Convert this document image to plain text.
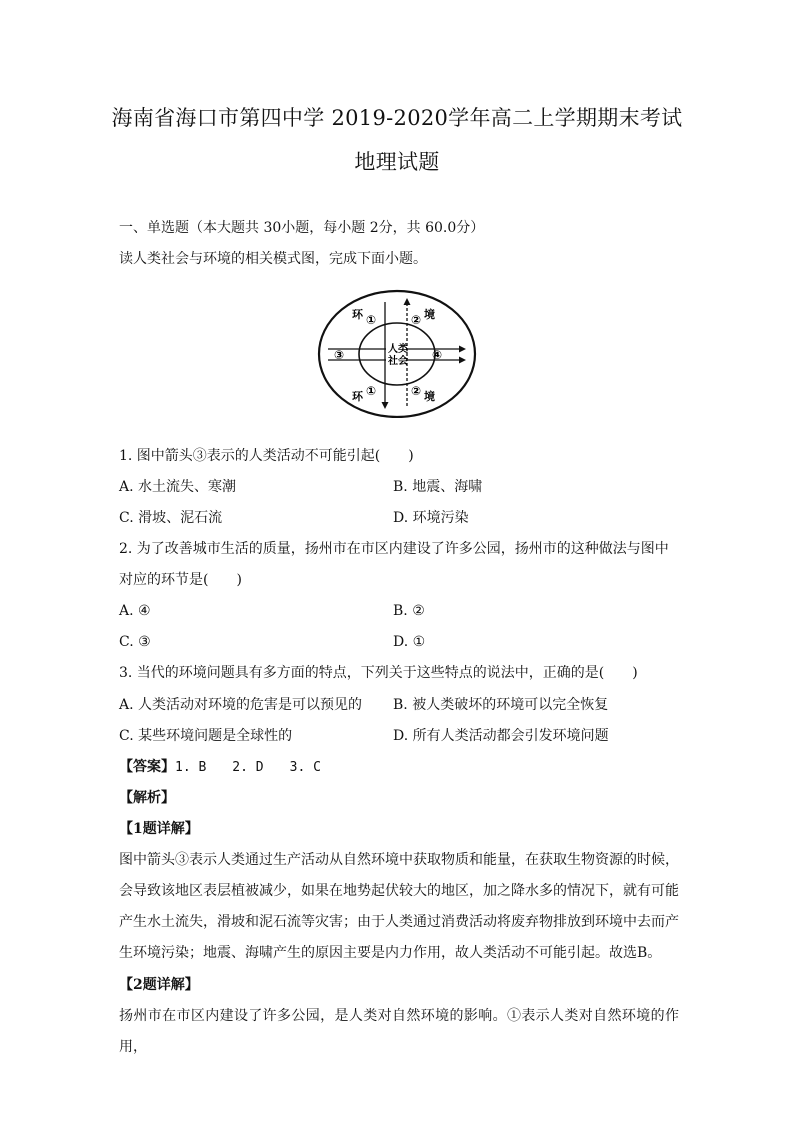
海南省海口市第四中学 2019-2020学年高二上学期期末考试
地理试题
一、单选题（本大题共 30小题，每小题 2分，共 60.0分）
读人类社会与环境的相关模式图，完成下面小题。
环	境
环	境
①	②
①	②
③	④
人类
社会
1. 图中箭头③表示的人类活动不可能引起(　　)
A. 水土流失、寒潮	B. 地震、海啸
C. 滑坡、泥石流	D. 环境污染
2. 为了改善城市生活的质量，扬州市在市区内建设了许多公园，扬州市的这种做法与图中
对应的环节是(　　)
A. ④	B. ②
C. ③	D. ①
3. 当代的环境问题具有多方面的特点，下列关于这些特点的说法中，正确的是(　　)
A. 人类活动对环境的危害是可以预见的 B. 被人类破坏的环境可以完全恢复
C. 某些环境问题是全球性的	D. 所有人类活动都会引发环境问题
【答案】1. B　　2. D　　3. C
【解析】
【1题详解】
图中箭头③表示人类通过生产活动从自然环境中获取物质和能量，在获取生物资源的时候，会导致该地区表层植被减少，如果在地势起伏较大的地区，加之降水多的情况下，就有可能产生水土流失，滑坡和泥石流等灾害；由于人类通过消费活动将废弃物排放到环境中去而产生环境污染；地震、海啸产生的原因主要是内力作用，故人类活动不可能引起。故选B。
【2题详解】
扬州市在市区内建设了许多公园，是人类对自然环境的影响。①表示人类对自然环境的作用，
